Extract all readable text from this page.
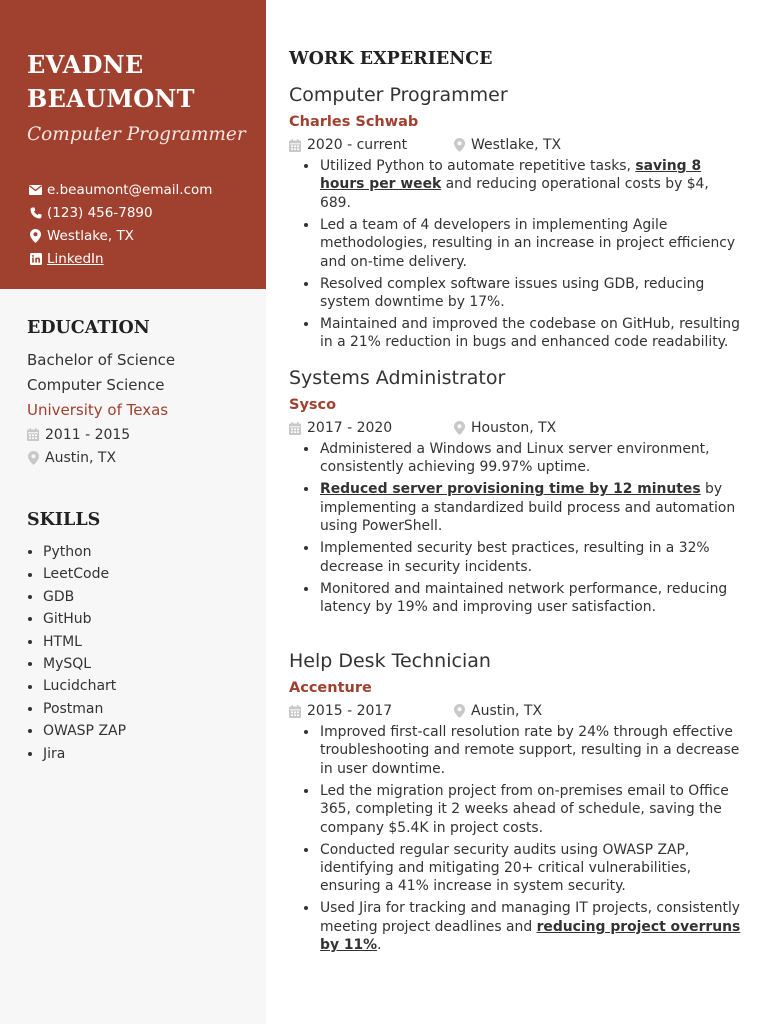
EVADNE
BEAUMONT
Computer Programmer
e.beaumont@email.com
(123) 456-7890
Westlake, TX
LinkedIn
EDUCATION
Bachelor of Science
Computer Science
University of Texas
2011 - 2015
Austin, TX
SKILLS
Python
LeetCode
GDB
GitHub
HTML
MySQL
Lucidchart
Postman
OWASP ZAP
Jira
WORK EXPERIENCE
Computer Programmer
Charles Schwab
2020 - current	Westlake, TX
Utilized Python to automate repetitive tasks, saving 8 hours per week and reducing operational costs by $4, 689.
Led a team of 4 developers in implementing Agile methodologies, resulting in an increase in project efficiency and on-time delivery.
Resolved complex software issues using GDB, reducing system downtime by 17%.
Maintained and improved the codebase on GitHub, resulting in a 21% reduction in bugs and enhanced code readability.
Systems Administrator
Sysco
2017 - 2020	Houston, TX
Administered a Windows and Linux server environment, consistently achieving 99.97% uptime.
Reduced server provisioning time by 12 minutes by implementing a standardized build process and automation using PowerShell.
Implemented security best practices, resulting in a 32% decrease in security incidents.
Monitored and maintained network performance, reducing latency by 19% and improving user satisfaction.
Help Desk Technician
Accenture
2015 - 2017	Austin, TX
Improved first-call resolution rate by 24% through effective troubleshooting and remote support, resulting in a decrease in user downtime.
Led the migration project from on-premises email to Office 365, completing it 2 weeks ahead of schedule, saving the company $5.4K in project costs.
Conducted regular security audits using OWASP ZAP, identifying and mitigating 20+ critical vulnerabilities, ensuring a 41% increase in system security.
Used Jira for tracking and managing IT projects, consistently meeting project deadlines and reducing project overruns by 11%.
